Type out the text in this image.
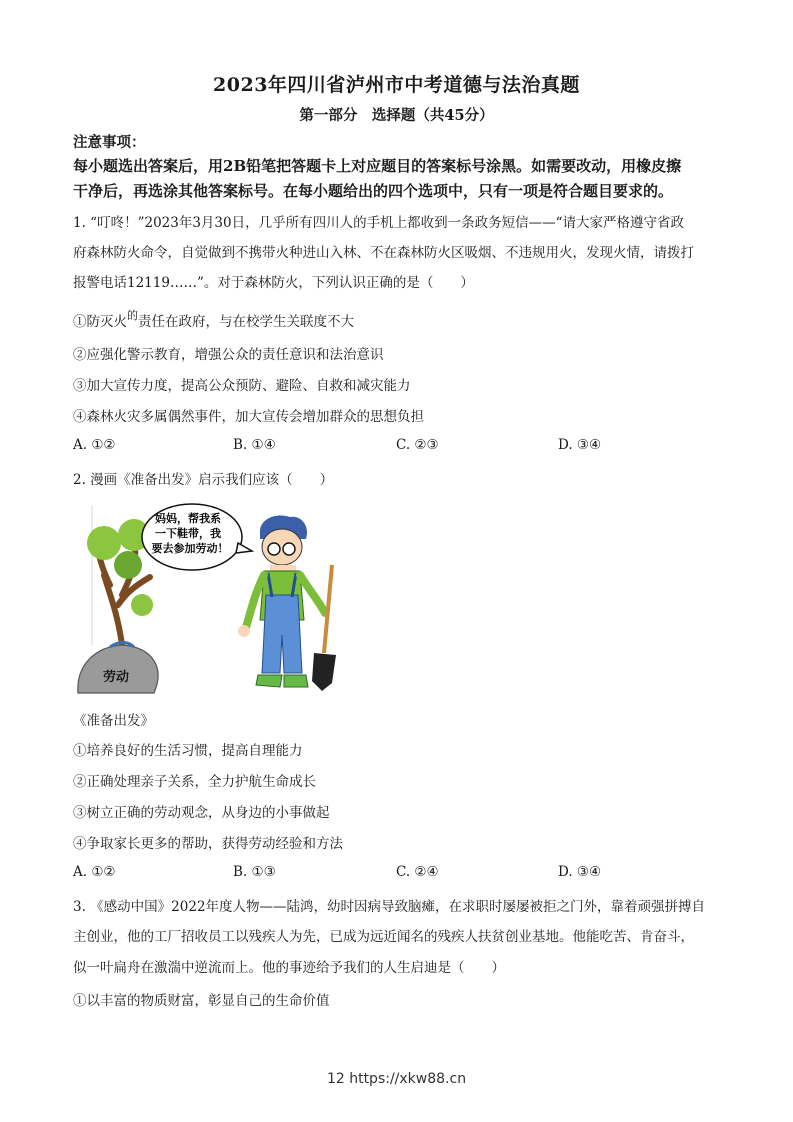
2023年四川省泸州市中考道德与法治真题
第一部分　选择题（共45分）
注意事项：
每小题选出答案后，用2B铅笔把答题卡上对应题目的答案标号涂黑。如需要改动，用橡皮擦
干净后，再选涂其他答案标号。在每小题给出的四个选项中，只有一项是符合题目要求的。
1. “叮咚！”2023年3月30日，几乎所有四川人的手机上都收到一条政务短信——“请大家严格遵守省政
府森林防火命令，自觉做到不携带火种进山入林、不在森林防火区吸烟、不违规用火，发现火情，请拨打
报警电话12119……”。对于森林防火，下列认识正确的是（　　）
①防灭火$^的$责任在政府，与在校学生关联度不大
②应强化警示教育，增强公众的责任意识和法治意识
③加大宣传力度，提高公众预防、避险、自救和减灾能力
④森林火灾多属偶然事件，加大宣传会增加群众的思想负担
A. ①②	B. ①④	C. ②③	D. ③④
2. 漫画《准备出发》启示我们应该（　　）
劳动
妈妈，帮我系
一下鞋带，我
要去参加劳动！
《准备出发》
①培养良好的生活习惯，提高自理能力
②正确处理亲子关系，全力护航生命成长
③树立正确的劳动观念，从身边的小事做起
④争取家长更多的帮助，获得劳动经验和方法
A. ①②	B. ①③	C. ②④	D. ③④
3. 《感动中国》2022年度人物——陆鸿，幼时因病导致脑瘫，在求职时屡屡被拒之门外，靠着顽强拼搏自
主创业，他的工厂招收员工以残疾人为先，已成为远近闻名的残疾人扶贫创业基地。他能吃苦、肯奋斗，
似一叶扁舟在激湍中逆流而上。他的事迹给予我们的人生启迪是（　　）
①以丰富的物质财富，彰显自己的生命价值
12 https://xkw88.cn
